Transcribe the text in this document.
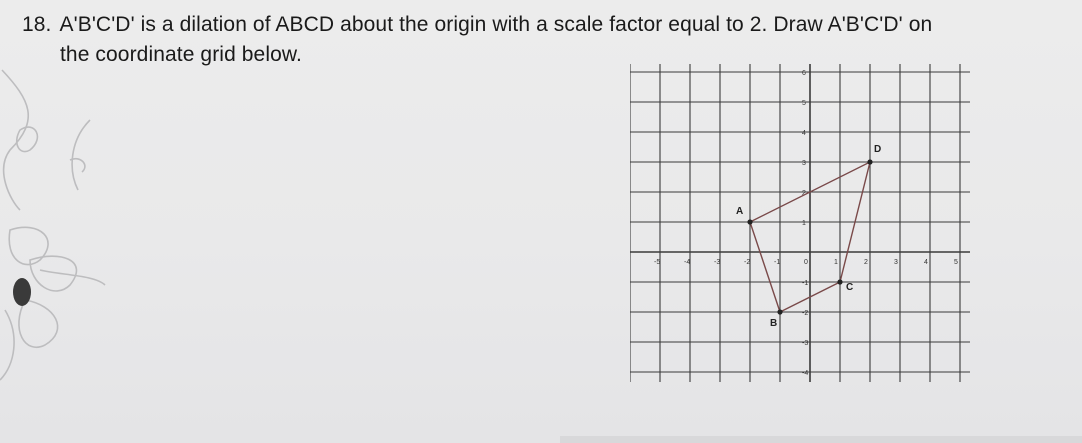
18. A'B'C'D' is a dilation of ABCD about the origin with a scale factor equal to 2. Draw A'B'C'D' on
the coordinate grid below.
-5	-4	-3	-2	-1	0	1	2	3	4	5
6
5
4
3
2
1
-1
-2
-3
-4
A
B
C
D
